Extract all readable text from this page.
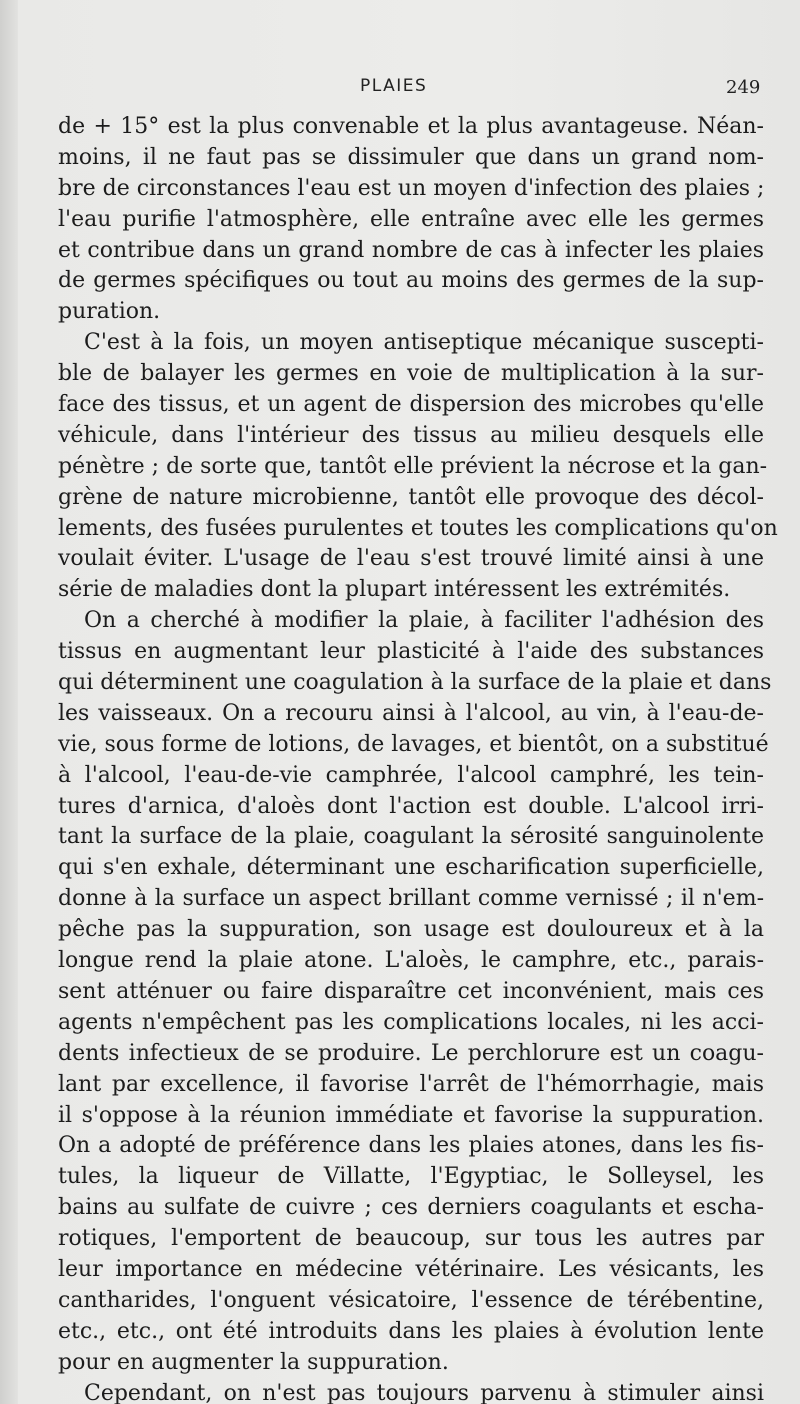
PLAIES	249
de + 15° est la plus convenable et la plus avantageuse. Néan-
moins, il ne faut pas se dissimuler que dans un grand nom-
bre de circonstances l'eau est un moyen d'infection des plaies ;
l'eau purifie l'atmosphère, elle entraîne avec elle les germes
et contribue dans un grand nombre de cas à infecter les plaies
de germes spécifiques ou tout au moins des germes de la sup-
puration.
C'est à la fois, un moyen antiseptique mécanique suscepti-
ble de balayer les germes en voie de multiplication à la sur-
face des tissus, et un agent de dispersion des microbes qu'elle
véhicule, dans l'intérieur des tissus au milieu desquels elle
pénètre ; de sorte que, tantôt elle prévient la nécrose et la gan-
grène de nature microbienne, tantôt elle provoque des décol-
lements, des fusées purulentes et toutes les complications qu'on
voulait éviter. L'usage de l'eau s'est trouvé limité ainsi à une
série de maladies dont la plupart intéressent les extrémités.
On a cherché à modifier la plaie, à faciliter l'adhésion des
tissus en augmentant leur plasticité à l'aide des substances
qui déterminent une coagulation à la surface de la plaie et dans
les vaisseaux. On a recouru ainsi à l'alcool, au vin, à l'eau-de-
vie, sous forme de lotions, de lavages, et bientôt, on a substitué
à l'alcool, l'eau-de-vie camphrée, l'alcool camphré, les tein-
tures d'arnica, d'aloès dont l'action est double. L'alcool irri-
tant la surface de la plaie, coagulant la sérosité sanguinolente
qui s'en exhale, déterminant une escharification superficielle,
donne à la surface un aspect brillant comme vernissé ; il n'em-
pêche pas la suppuration, son usage est douloureux et à la
longue rend la plaie atone. L'aloès, le camphre, etc., parais-
sent atténuer ou faire disparaître cet inconvénient, mais ces
agents n'empêchent pas les complications locales, ni les acci-
dents infectieux de se produire. Le perchlorure est un coagu-
lant par excellence, il favorise l'arrêt de l'hémorrhagie, mais
il s'oppose à la réunion immédiate et favorise la suppuration.
On a adopté de préférence dans les plaies atones, dans les fis-
tules, la liqueur de Villatte, l'Egyptiac, le Solleysel, les
bains au sulfate de cuivre ; ces derniers coagulants et escha-
rotiques, l'emportent de beaucoup, sur tous les autres par
leur importance en médecine vétérinaire. Les vésicants, les
cantharides, l'onguent vésicatoire, l'essence de térébentine,
etc., etc., ont été introduits dans les plaies à évolution lente
pour en augmenter la suppuration.
Cependant, on n'est pas toujours parvenu à stimuler ainsi
